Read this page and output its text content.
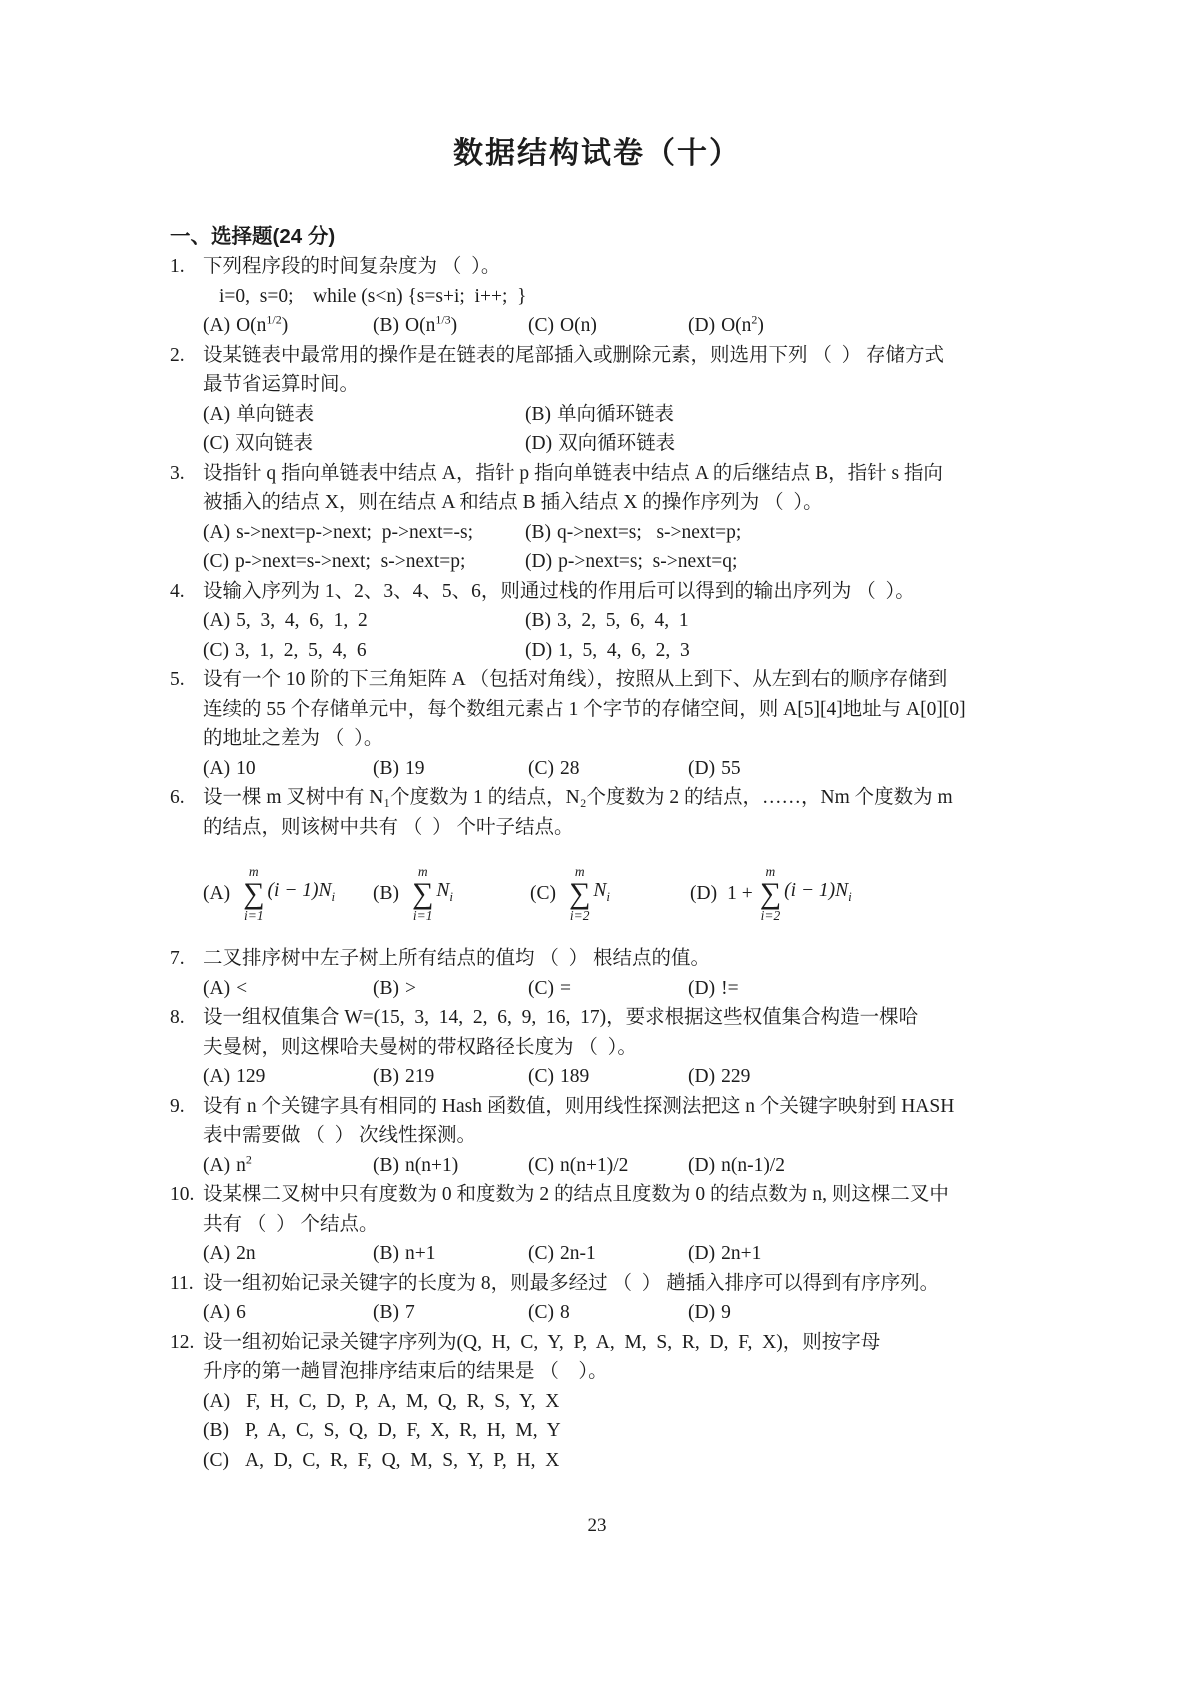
数据结构试卷（十）
一、选择题(24 分)
1. 下列程序段的时间复杂度为 （  ）。
i=0,  s=0;    while (s<n) {s=s+i;  i++;  }
(A) $O(n^{1/2})$	(B) $O(n^{1/3})$	(C) O(n)	(D) $O(n^2)$
2. 设某链表中最常用的操作是在链表的尾部插入或删除元素，则选用下列 （  ） 存储方式
最节省运算时间。
(A) 单向链表	(B) 单向循环链表
(C) 双向链表	(D) 双向循环链表
3. 设指针 q 指向单链表中结点 A，指针 p 指向单链表中结点 A 的后继结点 B，指针 s 指向
被插入的结点 X，则在结点 A 和结点 B 插入结点 X 的操作序列为 （  ）。
(A) s->next=p->next;  p->next=-s;	(B) q->next=s;   s->next=p;
(C) p->next=s->next;  s->next=p;	(D) p->next=s;  s->next=q;
4. 设输入序列为 1、2、3、4、5、6，则通过栈的作用后可以得到的输出序列为 （  ）。
(A) 5,  3,  4,  6,  1,  2	(B) 3,  2,  5,  6,  4,  1
(C) 3,  1,  2,  5,  4,  6	(D) 1,  5,  4,  6,  2,  3
5. 设有一个 10 阶的下三角矩阵 A （包括对角线），按照从上到下、从左到右的顺序存储到
连续的 55 个存储单元中，每个数组元素占 1 个字节的存储空间，则 A[5][4]地址与 A[0][0]
的地址之差为 （  ）。
(A) 10	(B) 19	(C) 28	(D) 55
6. 设一棵 m 叉树中有 N₁个度数为 1 的结点，N₂个度数为 2 的结点，……，Nm 个度数为 m
的结点，则该树中共有 （  ） 个叶子结点。
(A)
m
∑
i=1
$(i - 1)N_i$ (B)
m
∑
i=1
$N_i$	(C)
m
∑
i=2
$N_i$	(D) 1 +
m
∑
i=2
$(i - 1)N_i$
7. 二叉排序树中左子树上所有结点的值均 （  ） 根结点的值。
(A) <	(B) >	(C) =	(D) !=
8. 设一组权值集合 W=(15,  3,  14,  2,  6,  9,  16,  17)，要求根据这些权值集合构造一棵哈
夫曼树，则这棵哈夫曼树的带权路径长度为 （  ）。
(A) 129	(B) 219	(C) 189	(D) 229
9. 设有 n 个关键字具有相同的 Hash 函数值，则用线性探测法把这 n 个关键字映射到 HASH
表中需要做 （  ） 次线性探测。
(A) $n^2$	(B) n(n+1)	(C) n(n+1)/2	(D) n(n-1)/2
10. 设某棵二叉树中只有度数为 0 和度数为 2 的结点且度数为 0 的结点数为 n, 则这棵二叉中
共有 （  ） 个结点。
(A) 2n	(B) n+1	(C) 2n-1	(D) 2n+1
11. 设一组初始记录关键字的长度为 8，则最多经过 （  ） 趟插入排序可以得到有序序列。
(A) 6	(B) 7	(C) 8	(D) 9
12. 设一组初始记录关键字序列为(Q,  H,  C,  Y,  P,  A,  M,  S,  R,  D,  F,  X)，则按字母
升序的第一趟冒泡排序结束后的结果是 （    ）。
(A) F,  H,  C,  D,  P,  A,  M,  Q,  R,  S,  Y,  X
(B) P,  A,  C,  S,  Q,  D,  F,  X,  R,  H,  M,  Y
(C) A,  D,  C,  R,  F,  Q,  M,  S,  Y,  P,  H,  X
23
